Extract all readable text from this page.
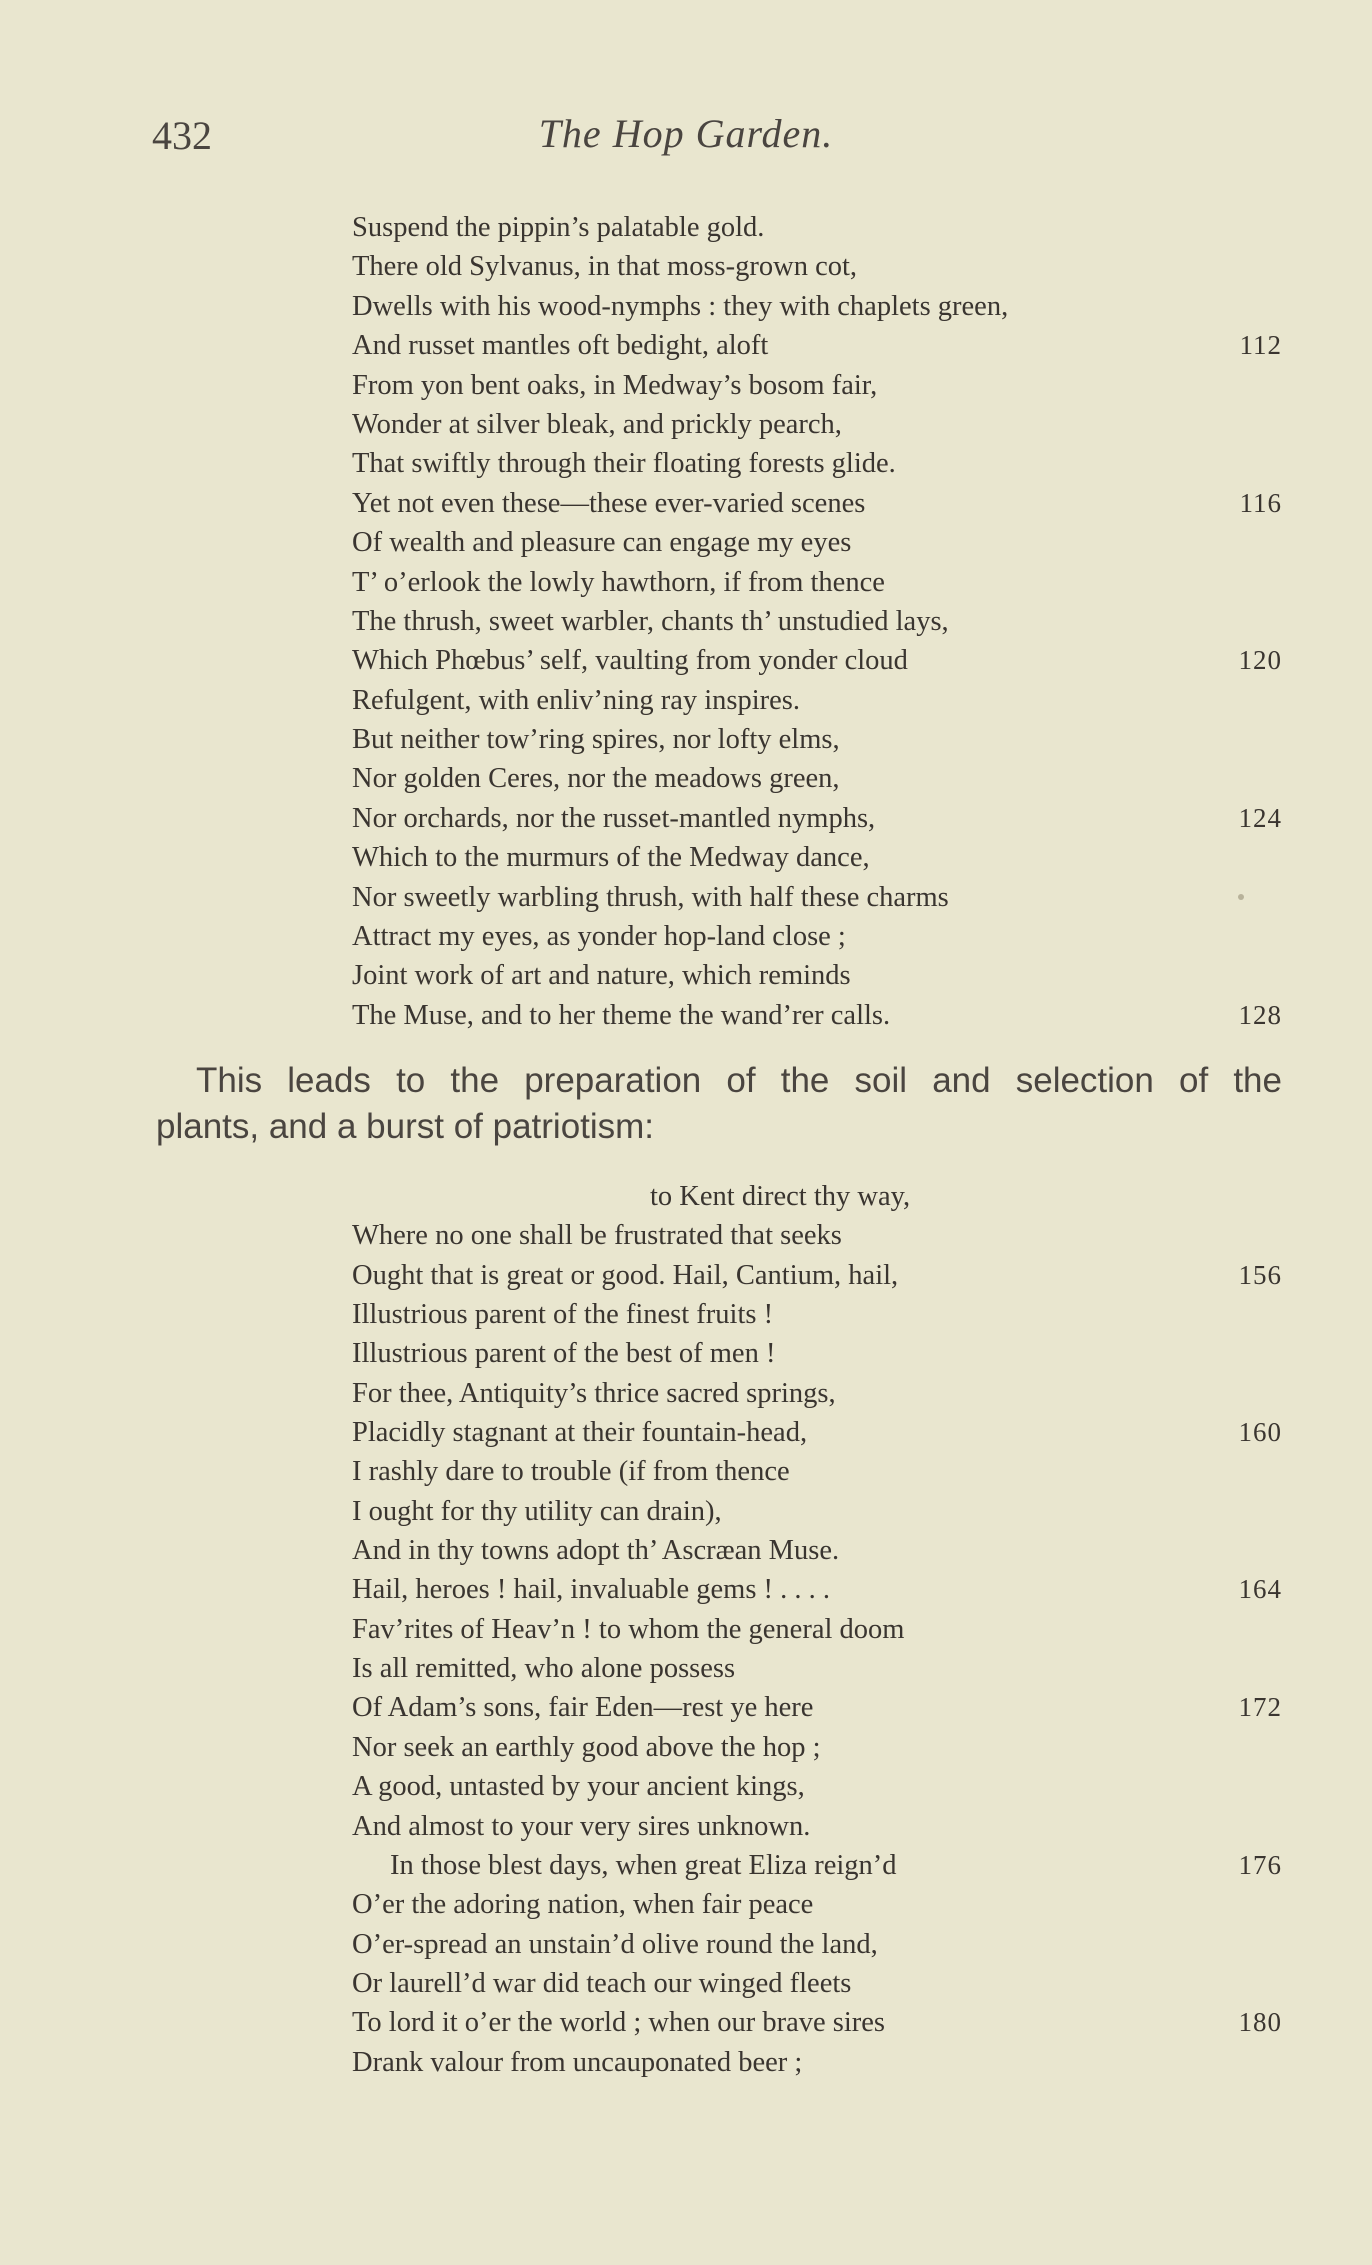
432	The Hop Garden.
Suspend the pippin’s palatable gold.
There old Sylvanus, in that moss-grown cot,
Dwells with his wood-nymphs : they with chaplets green,
And russet mantles oft bedight, aloft	112
From yon bent oaks, in Medway’s bosom fair,
Wonder at silver bleak, and prickly pearch,
That swiftly through their floating forests glide.
Yet not even these—these ever-varied scenes	116
Of wealth and pleasure can engage my eyes
T’ o’erlook the lowly hawthorn, if from thence
The thrush, sweet warbler, chants th’ unstudied lays,
Which Phœbus’ self, vaulting from yonder cloud	120
Refulgent, with enliv’ning ray inspires.
But neither tow’ring spires, nor lofty elms,
Nor golden Ceres, nor the meadows green,
Nor orchards, nor the russet-mantled nymphs,	124
Which to the murmurs of the Medway dance,
Nor sweetly warbling thrush, with half these charms
Attract my eyes, as yonder hop-land close ;
Joint work of art and nature, which reminds
The Muse, and to her theme the wand’rer calls.	128
This leads to the preparation of the soil and selection of the
plants, and a burst of patriotism:
to Kent direct thy way,
Where no one shall be frustrated that seeks
Ought that is great or good. Hail, Cantium, hail,	156
Illustrious parent of the finest fruits !
Illustrious parent of the best of men !
For thee, Antiquity’s thrice sacred springs,
Placidly stagnant at their fountain-head,	160
I rashly dare to trouble (if from thence
I ought for thy utility can drain),
And in thy towns adopt th’ Ascræan Muse.
Hail, heroes ! hail, invaluable gems ! . . . .	164
Fav’rites of Heav’n ! to whom the general doom
Is all remitted, who alone possess
Of Adam’s sons, fair Eden—rest ye here	172
Nor seek an earthly good above the hop ;
A good, untasted by your ancient kings,
And almost to your very sires unknown.
In those blest days, when great Eliza reign’d	176
O’er the adoring nation, when fair peace
O’er-spread an unstain’d olive round the land,
Or laurell’d war did teach our winged fleets
To lord it o’er the world ; when our brave sires	180
Drank valour from uncauponated beer ;
